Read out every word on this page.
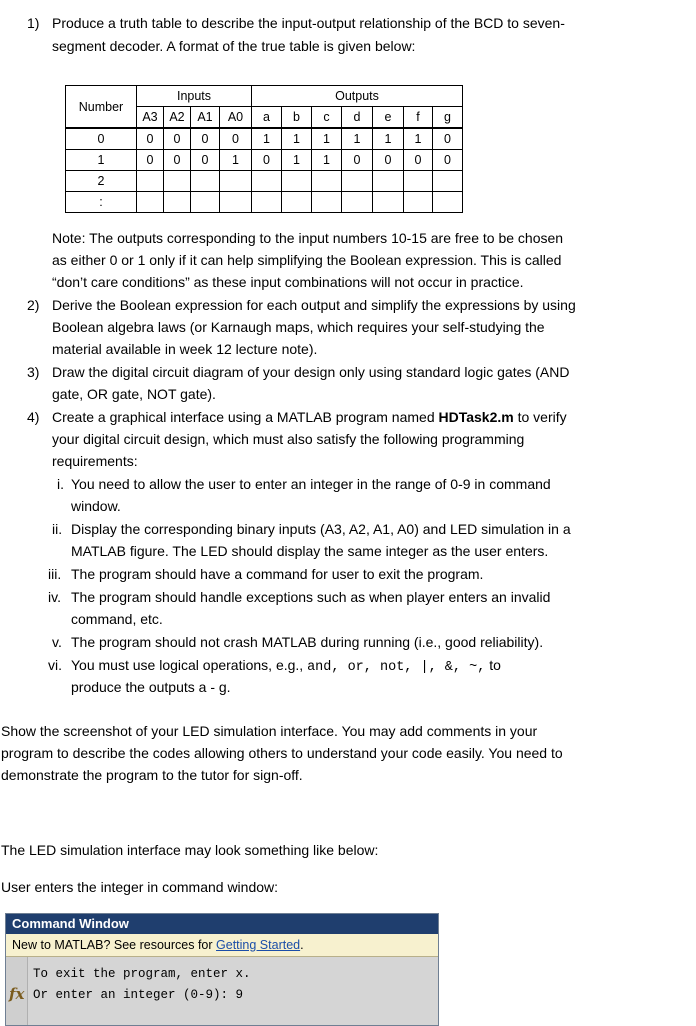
1) Produce a truth table to describe the input-output relationship of the BCD to seven-
segment decoder. A format of the true table is given below:
Number	Inputs				Outputs						
	A3	A2	A1	A0	a	b	c	d	e	f	g
0	0	0	0	0	1	1	1	1	1	1	0
1	0	0	0	1	0	1	1	0	0	0	0
2											
:											
Note: The outputs corresponding to the input numbers 10-15 are free to be chosen
as either 0 or 1 only if it can help simplifying the Boolean expression. This is called
“don’t care conditions” as these input combinations will not occur in practice.
2) Derive the Boolean expression for each output and simplify the expressions by using
Boolean algebra laws (or Karnaugh maps, which requires your self-studying the
material available in week 12 lecture note).
3) Draw the digital circuit diagram of your design only using standard logic gates (AND
gate, OR gate, NOT gate).
4) Create a graphical interface using a MATLAB program named HDTask2.m to verify
your digital circuit design, which must also satisfy the following programming
requirements:
i. You need to allow the user to enter an integer in the range of 0-9 in command
window.
ii. Display the corresponding binary inputs (A3, A2, A1, A0) and LED simulation in a
MATLAB figure. The LED should display the same integer as the user enters.
iii. The program should have a command for user to exit the program.
iv. The program should handle exceptions such as when player enters an invalid
command, etc.
v. The program should not crash MATLAB during running (i.e., good reliability).
vi. You must use logical operations, e.g., and, or, not, |, &, ~, to
produce the outputs a - g.
Show the screenshot of your LED simulation interface. You may add comments in your
program to describe the codes allowing others to understand your code easily. You need to
demonstrate the program to the tutor for sign-off.
The LED simulation interface may look something like below:
User enters the integer in command window:
Command Window
New to MATLAB? See resources for Getting Started.
fx
To exit the program, enter x.
Or enter an integer (0-9): 9
